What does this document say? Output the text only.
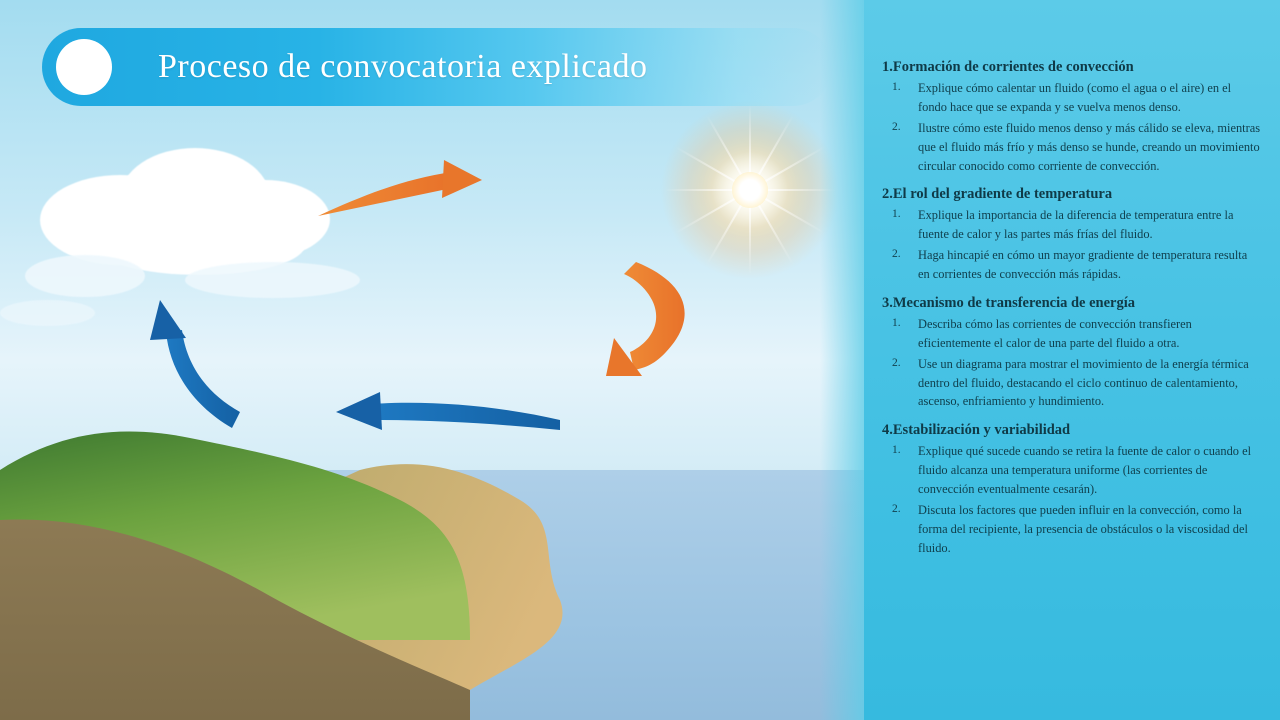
Proceso de convocatoria explicado	1.Formación de corrientes de convección
1. Explique cómo calentar un fluido (como el agua o el aire) en el fondo hace que se expanda y se vuelva menos denso.
2. Ilustre cómo este fluido menos denso y más cálido se eleva, mientras que el fluido más frío y más denso se hunde, creando un movimiento circular conocido como corriente de convección.
2.El rol del gradiente de temperatura
1. Explique la importancia de la diferencia de temperatura entre la fuente de calor y las partes más frías del fluido.
2. Haga hincapié en cómo un mayor gradiente de temperatura resulta en corrientes de convección más rápidas.
3.Mecanismo de transferencia de energía
1. Describa cómo las corrientes de convección transfieren eficientemente el calor de una parte del fluido a otra.
2. Use un diagrama para mostrar el movimiento de la energía térmica dentro del fluido, destacando el ciclo continuo de calentamiento, ascenso, enfriamiento y hundimiento.
4.Estabilización y variabilidad
1. Explique qué sucede cuando se retira la fuente de calor o cuando el fluido alcanza una temperatura uniforme (las corrientes de convección eventualmente cesarán).
2. Discuta los factores que pueden influir en la convección, como la forma del recipiente, la presencia de obstáculos o la viscosidad del fluido.
